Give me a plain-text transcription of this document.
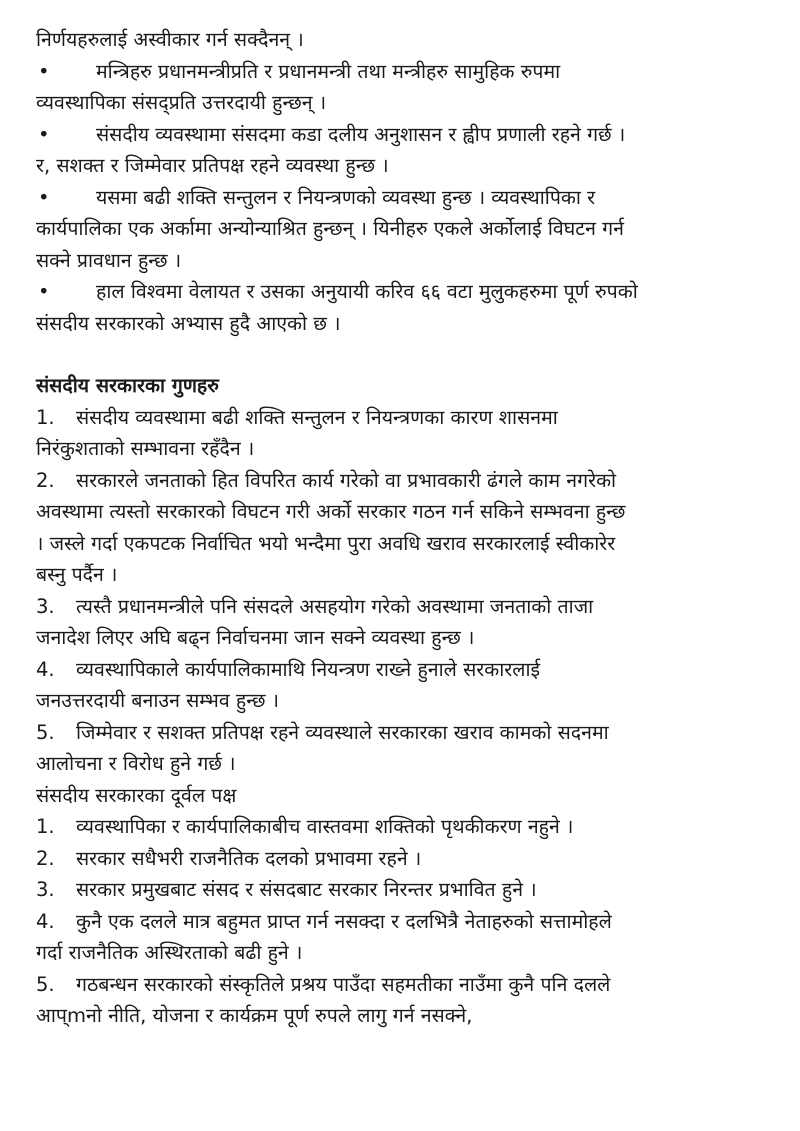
निर्णयहरुलाई अस्वीकार गर्न सक्दैनन् ।
•	मन्त्रिहरु प्रधानमन्त्रीप्रति र प्रधानमन्त्री तथा मन्त्रीहरु सामुहिक रुपमा
व्यवस्थापिका संसद्प्रति उत्तरदायी हुन्छन् ।
•	संसदीय व्यवस्थामा संसदमा कडा दलीय अनुशासन र ह्वीप प्रणाली रहने गर्छ ।
र, सशक्त र जिम्मेवार प्रतिपक्ष रहने व्यवस्था हुन्छ ।
•	यसमा बढी शक्ति सन्तुलन र नियन्त्रणको व्यवस्था हुन्छ । व्यवस्थापिका र
कार्यपालिका एक अर्कामा अन्योन्याश्रित हुन्छन् । यिनीहरु एकले अर्कोलाई विघटन गर्न
सक्ने प्रावधान हुन्छ ।
•	हाल विश्वमा वेलायत र उसका अनुयायी करिव ६६ वटा मुलुकहरुमा पूर्ण रुपको
संसदीय सरकारको अभ्यास हुदै आएको छ ।
संसदीय सरकारका गुणहरु
1.	संसदीय व्यवस्थामा बढी शक्ति सन्तुलन र नियन्त्रणका कारण शासनमा
निरंकुशताको सम्भावना रहँदैन ।
2.	सरकारले जनताको हित विपरित कार्य गरेको वा प्रभावकारी ढंगले काम नगरेको
अवस्थामा त्यस्तो सरकारको विघटन गरी अर्को सरकार गठन गर्न सकिने सम्भवना हुन्छ
। जस्ले गर्दा एकपटक निर्वाचित भयो भन्दैमा पुरा अवधि खराव सरकारलाई स्वीकारेर
बस्नु पर्दैन ।
3.	त्यस्तै प्रधानमन्त्रीले पनि संसदले असहयोग गरेको अवस्थामा जनताको ताजा
जनादेश लिएर अघि बढ्न निर्वाचनमा जान सक्ने व्यवस्था हुन्छ ।
4.	व्यवस्थापिकाले कार्यपालिकामाथि नियन्त्रण राख्ने हुनाले सरकारलाई
जनउत्तरदायी बनाउन सम्भव हुन्छ ।
5.	जिम्मेवार र सशक्त प्रतिपक्ष रहने व्यवस्थाले सरकारका खराव कामको सदनमा
आलोचना र विरोध हुने गर्छ ।
संसदीय सरकारका दूर्वल पक्ष
1.	व्यवस्थापिका र कार्यपालिकाबीच वास्तवमा शक्तिको पृथकीकरण नहुने ।
2.	सरकार सधैभरी राजनैतिक दलको प्रभावमा रहने ।
3.	सरकार प्रमुखबाट संसद र संसदबाट सरकार निरन्तर प्रभावित हुने ।
4.	कुनै एक दलले मात्र बहुमत प्राप्त गर्न नसक्दा र दलभित्रै नेताहरुको सत्तामोहले
गर्दा राजनैतिक अस्थिरताको बढी हुने ।
5.	गठबन्धन सरकारको संस्कृतिले प्रश्रय पाउँदा सहमतीका नाउँमा कुनै पनि दलले
आप्mनो नीति, योजना र कार्यक्रम पूर्ण रुपले लागु गर्न नसक्ने,
